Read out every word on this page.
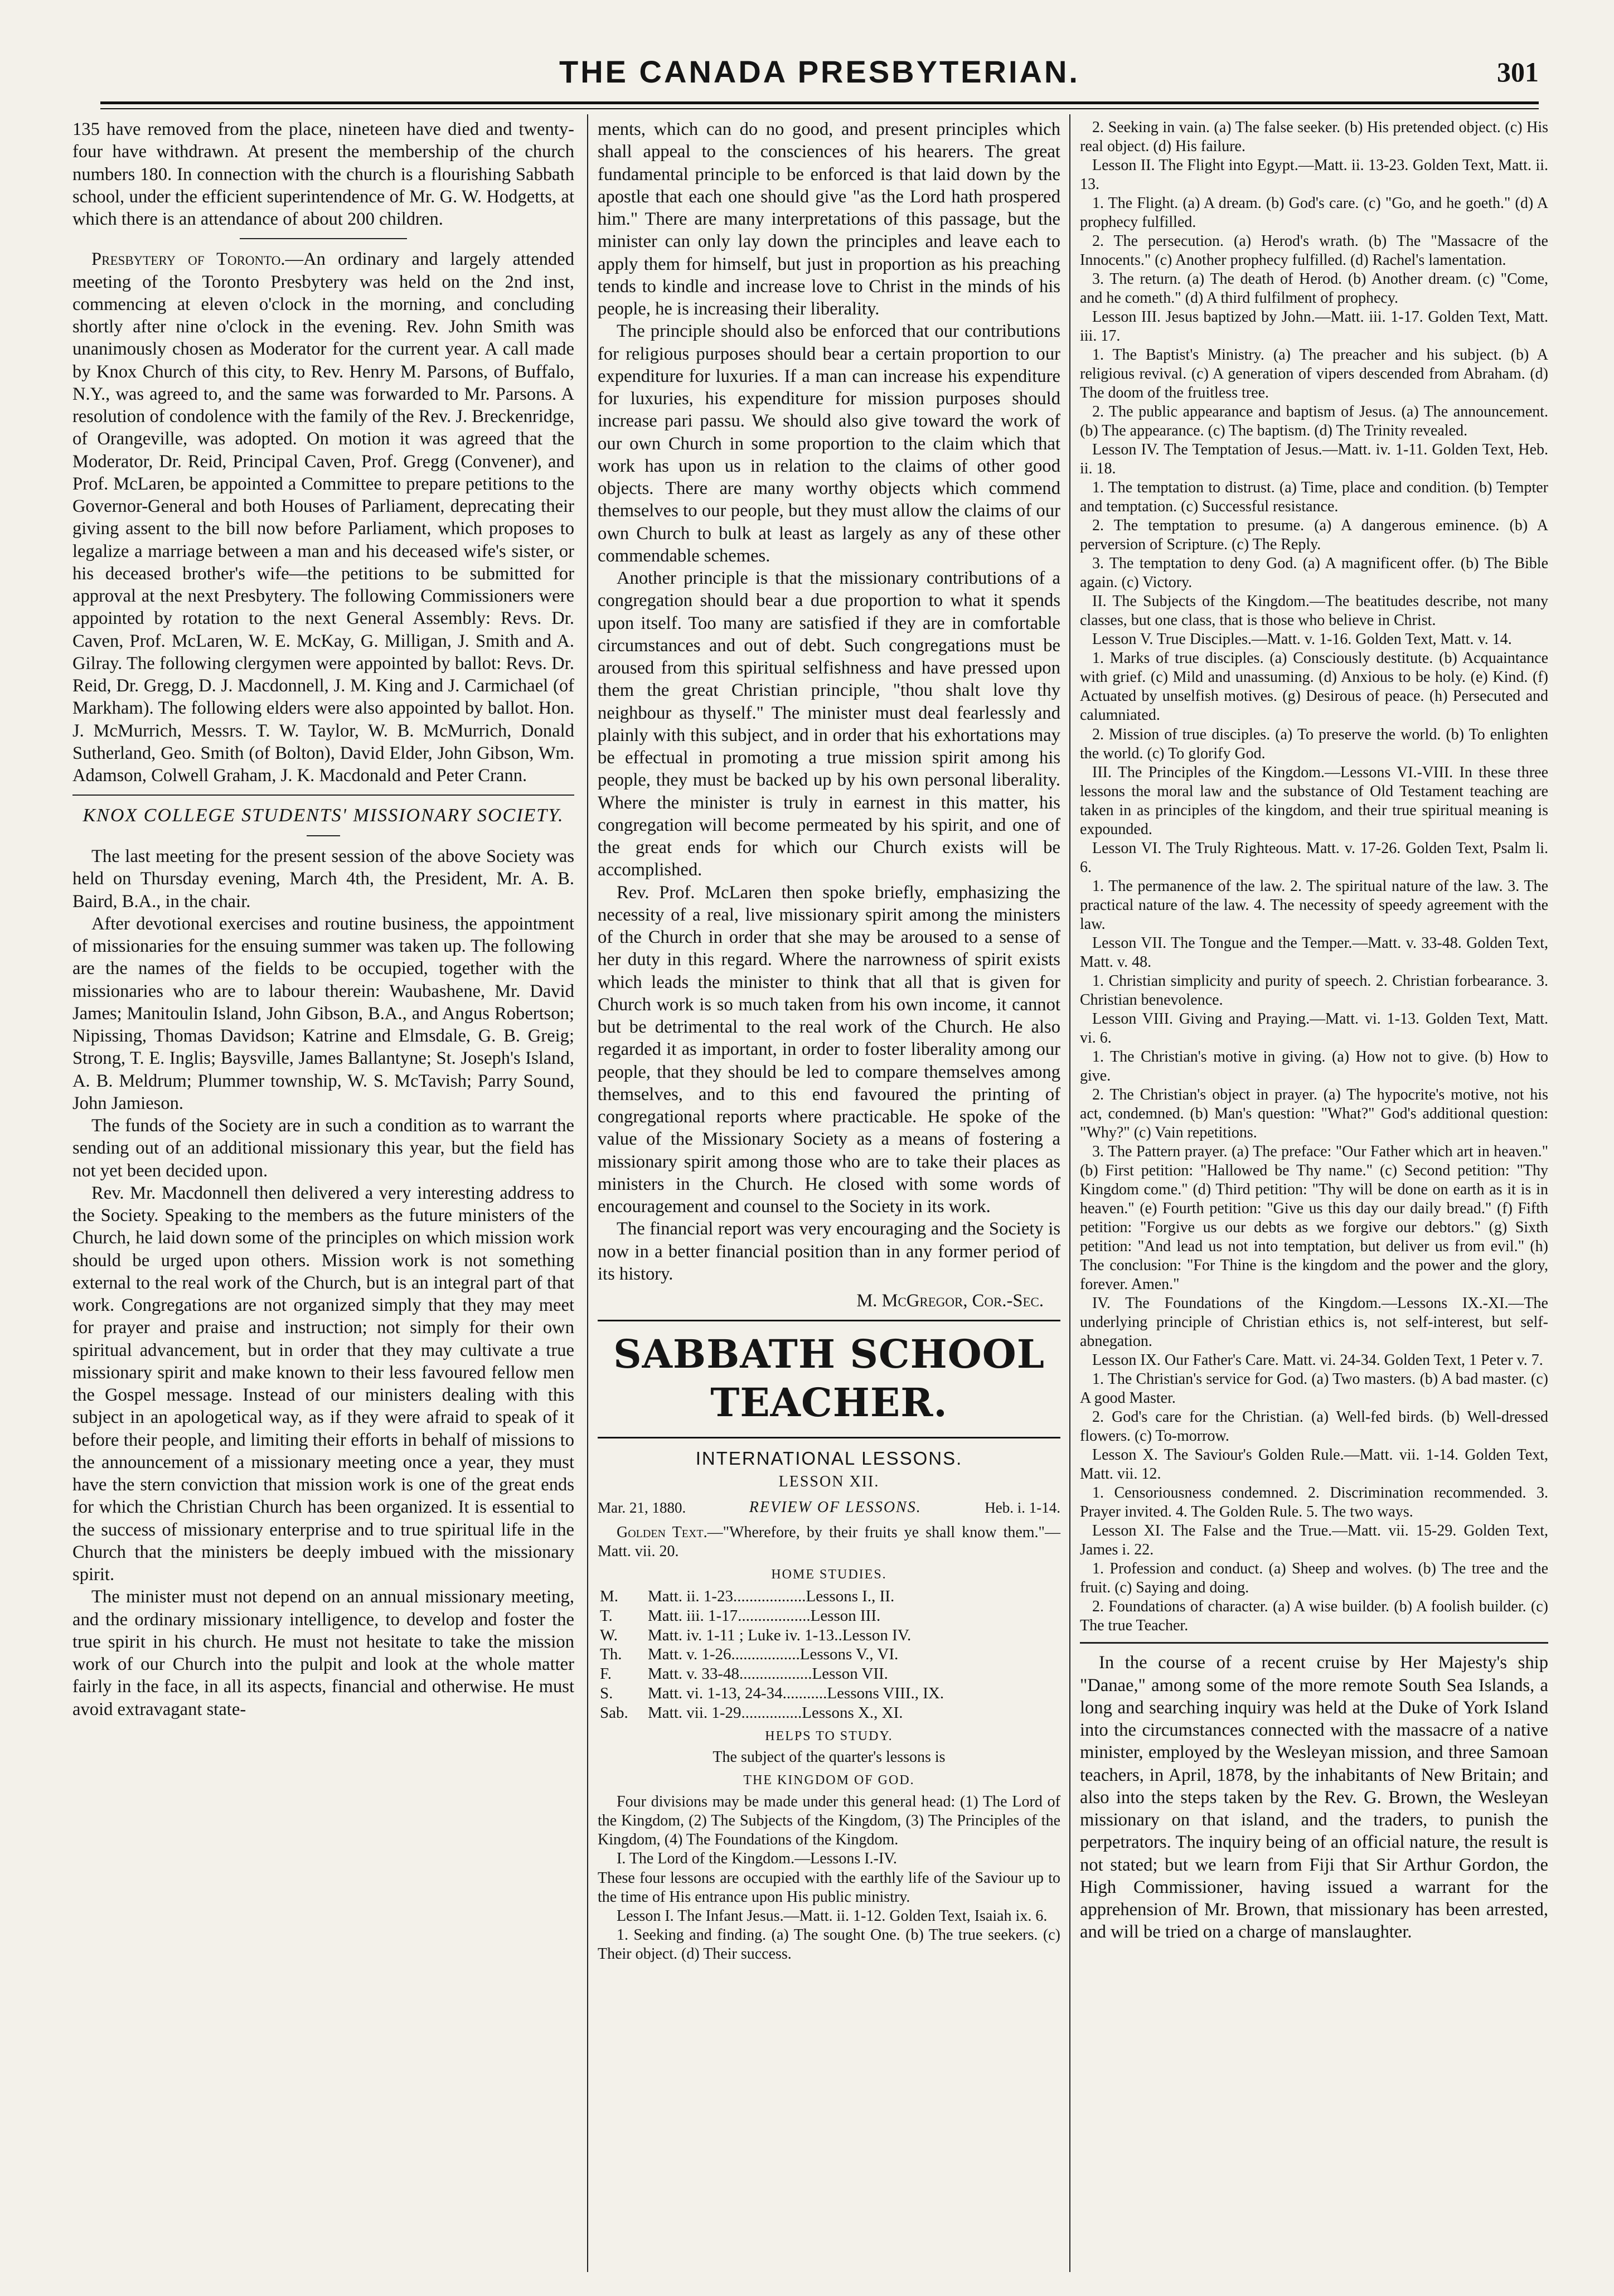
THE CANADA PRESBYTERIAN.	301

135 have removed from the place, nineteen have died and twenty-four have withdrawn. At present the membership of the church numbers 180. In connection with the church is a flourishing Sabbath school, under the efficient superintendence of Mr. G. W. Hodgetts, at which there is an attendance of about 200 children.

Presbytery of Toronto.—An ordinary and largely attended meeting of the Toronto Presbytery was held on the 2nd inst, commencing at eleven o'clock in the morning, and concluding shortly after nine o'clock in the evening. Rev. John Smith was unanimously chosen as Moderator for the current year. A call made by Knox Church of this city, to Rev. Henry M. Parsons, of Buffalo, N.Y., was agreed to, and the same was forwarded to Mr. Parsons. A resolution of condolence with the family of the Rev. J. Breckenridge, of Orangeville, was adopted. On motion it was agreed that the Moderator, Dr. Reid, Principal Caven, Prof. Gregg (Convener), and Prof. McLaren, be appointed a Committee to prepare petitions to the Governor-General and both Houses of Parliament, deprecating their giving assent to the bill now before Parliament, which proposes to legalize a marriage between a man and his deceased wife's sister, or his deceased brother's wife—the petitions to be submitted for approval at the next Presbytery. The following Commissioners were appointed by rotation to the next General Assembly: Revs. Dr. Caven, Prof. McLaren, W. E. McKay, G. Milligan, J. Smith and A. Gilray. The following clergymen were appointed by ballot: Revs. Dr. Reid, Dr. Gregg, D. J. Macdonnell, J. M. King and J. Carmichael (of Markham). The following elders were also appointed by ballot. Hon. J. McMurrich, Messrs. T. W. Taylor, W. B. McMurrich, Donald Sutherland, Geo. Smith (of Bolton), David Elder, John Gibson, Wm. Adamson, Colwell Graham, J. K. Macdonald and Peter Crann.

KNOX COLLEGE STUDENTS' MISSIONARY SOCIETY.

The last meeting for the present session of the above Society was held on Thursday evening, March 4th, the President, Mr. A. B. Baird, B.A., in the chair.

After devotional exercises and routine business, the appointment of missionaries for the ensuing summer was taken up. The following are the names of the fields to be occupied, together with the missionaries who are to labour therein: Waubashene, Mr. David James; Manitoulin Island, John Gibson, B.A., and Angus Robertson; Nipissing, Thomas Davidson; Katrine and Elmsdale, G. B. Greig; Strong, T. E. Inglis; Baysville, James Ballantyne; St. Joseph's Island, A. B. Meldrum; Plummer township, W. S. McTavish; Parry Sound, John Jamieson.

The funds of the Society are in such a condition as to warrant the sending out of an additional missionary this year, but the field has not yet been decided upon.

Rev. Mr. Macdonnell then delivered a very interesting address to the Society. Speaking to the members as the future ministers of the Church, he laid down some of the principles on which mission work should be urged upon others. Mission work is not something external to the real work of the Church, but is an integral part of that work. Congregations are not organized simply that they may meet for prayer and praise and instruction; not simply for their own spiritual advancement, but in order that they may cultivate a true missionary spirit and make known to their less favoured fellow men the Gospel message. Instead of our ministers dealing with this subject in an apologetical way, as if they were afraid to speak of it before their people, and limiting their efforts in behalf of missions to the announcement of a missionary meeting once a year, they must have the stern conviction that mission work is one of the great ends for which the Christian Church has been organized. It is essential to the success of missionary enterprise and to true spiritual life in the Church that the ministers be deeply imbued with the missionary spirit.

The minister must not depend on an annual missionary meeting, and the ordinary missionary intelligence, to develop and foster the true spirit in his church. He must not hesitate to take the mission work of our Church into the pulpit and look at the whole matter fairly in the face, in all its aspects, financial and otherwise. He must avoid extravagant state-

ments, which can do no good, and present principles which shall appeal to the consciences of his hearers. The great fundamental principle to be enforced is that laid down by the apostle that each one should give "as the Lord hath prospered him." There are many interpretations of this passage, but the minister can only lay down the principles and leave each to apply them for himself, but just in proportion as his preaching tends to kindle and increase love to Christ in the minds of his people, he is increasing their liberality.

The principle should also be enforced that our contributions for religious purposes should bear a certain proportion to our expenditure for luxuries. If a man can increase his expenditure for luxuries, his expenditure for mission purposes should increase pari passu. We should also give toward the work of our own Church in some proportion to the claim which that work has upon us in relation to the claims of other good objects. There are many worthy objects which commend themselves to our people, but they must allow the claims of our own Church to bulk at least as largely as any of these other commendable schemes.

Another principle is that the missionary contributions of a congregation should bear a due proportion to what it spends upon itself. Too many are satisfied if they are in comfortable circumstances and out of debt. Such congregations must be aroused from this spiritual selfishness and have pressed upon them the great Christian principle, "thou shalt love thy neighbour as thyself." The minister must deal fearlessly and plainly with this subject, and in order that his exhortations may be effectual in promoting a true mission spirit among his people, they must be backed up by his own personal liberality. Where the minister is truly in earnest in this matter, his congregation will become permeated by his spirit, and one of the great ends for which our Church exists will be accomplished.

Rev. Prof. McLaren then spoke briefly, emphasizing the necessity of a real, live missionary spirit among the ministers of the Church in order that she may be aroused to a sense of her duty in this regard. Where the narrowness of spirit exists which leads the minister to think that all that is given for Church work is so much taken from his own income, it cannot but be detrimental to the real work of the Church. He also regarded it as important, in order to foster liberality among our people, that they should be led to compare themselves among themselves, and to this end favoured the printing of congregational reports where practicable. He spoke of the value of the Missionary Society as a means of fostering a missionary spirit among those who are to take their places as ministers in the Church. He closed with some words of encouragement and counsel to the Society in its work.

The financial report was very encouraging and the Society is now in a better financial position than in any former period of its history.

M. McGregor, Cor.-Sec.
SABBATH SCHOOL TEACHER.
INTERNATIONAL LESSONS.
LESSON XII.
Mar. 21, 1880.	REVIEW OF LESSONS.	Heb. i. 1-14.

Golden Text.—"Wherefore, by their fruits ye shall know them."—Matt. vii. 20.

HOME STUDIES.
M.	Matt. ii. 1-23..................Lessons I., II.
T.	Matt. iii. 1-17..................Lesson III.
W.	Matt. iv. 1-11 ; Luke iv. 1-13..Lesson IV.
Th.	Matt. v. 1-26.................Lessons V., VI.
F.	Matt. v. 33-48..................Lesson VII.
S.	Matt. vi. 1-13, 24-34...........Lessons VIII., IX.
Sab.	Matt. vii. 1-29...............Lessons X., XI.
HELPS TO STUDY.
The subject of the quarter's lessons is
THE KINGDOM OF GOD.

Four divisions may be made under this general head: (1) The Lord of the Kingdom, (2) The Subjects of the Kingdom, (3) The Principles of the Kingdom, (4) The Foundations of the Kingdom.

I. The Lord of the Kingdom.—Lessons I.-IV.

These four lessons are occupied with the earthly life of the Saviour up to the time of His entrance upon His public ministry.

Lesson I. The Infant Jesus.—Matt. ii. 1-12. Golden Text, Isaiah ix. 6.

1. Seeking and finding. (a) The sought One. (b) The true seekers. (c) Their object. (d) Their success.

2. Seeking in vain. (a) The false seeker. (b) His pretended object. (c) His real object. (d) His failure.

Lesson II. The Flight into Egypt.—Matt. ii. 13-23. Golden Text, Matt. ii. 13.

1. The Flight. (a) A dream. (b) God's care. (c) "Go, and he goeth." (d) A prophecy fulfilled.

2. The persecution. (a) Herod's wrath. (b) The "Massacre of the Innocents." (c) Another prophecy fulfilled. (d) Rachel's lamentation.

3. The return. (a) The death of Herod. (b) Another dream. (c) "Come, and he cometh." (d) A third fulfilment of prophecy.

Lesson III. Jesus baptized by John.—Matt. iii. 1-17. Golden Text, Matt. iii. 17.

1. The Baptist's Ministry. (a) The preacher and his subject. (b) A religious revival. (c) A generation of vipers descended from Abraham. (d) The doom of the fruitless tree.

2. The public appearance and baptism of Jesus. (a) The announcement. (b) The appearance. (c) The baptism. (d) The Trinity revealed.

Lesson IV. The Temptation of Jesus.—Matt. iv. 1-11. Golden Text, Heb. ii. 18.

1. The temptation to distrust. (a) Time, place and condition. (b) Tempter and temptation. (c) Successful resistance.

2. The temptation to presume. (a) A dangerous eminence. (b) A perversion of Scripture. (c) The Reply.

3. The temptation to deny God. (a) A magnificent offer. (b) The Bible again. (c) Victory.

II. The Subjects of the Kingdom.—The beatitudes describe, not many classes, but one class, that is those who believe in Christ.

Lesson V. True Disciples.—Matt. v. 1-16. Golden Text, Matt. v. 14.

1. Marks of true disciples. (a) Consciously destitute. (b) Acquaintance with grief. (c) Mild and unassuming. (d) Anxious to be holy. (e) Kind. (f) Actuated by unselfish motives. (g) Desirous of peace. (h) Persecuted and calumniated.

2. Mission of true disciples. (a) To preserve the world. (b) To enlighten the world. (c) To glorify God.

III. The Principles of the Kingdom.—Lessons VI.-VIII. In these three lessons the moral law and the substance of Old Testament teaching are taken in as principles of the kingdom, and their true spiritual meaning is expounded.

Lesson VI. The Truly Righteous. Matt. v. 17-26. Golden Text, Psalm li. 6.

1. The permanence of the law. 2. The spiritual nature of the law. 3. The practical nature of the law. 4. The necessity of speedy agreement with the law.

Lesson VII. The Tongue and the Temper.—Matt. v. 33-48. Golden Text, Matt. v. 48.

1. Christian simplicity and purity of speech. 2. Christian forbearance. 3. Christian benevolence.

Lesson VIII. Giving and Praying.—Matt. vi. 1-13. Golden Text, Matt. vi. 6.

1. The Christian's motive in giving. (a) How not to give. (b) How to give.

2. The Christian's object in prayer. (a) The hypocrite's motive, not his act, condemned. (b) Man's question: "What?" God's additional question: "Why?" (c) Vain repetitions.

3. The Pattern prayer. (a) The preface: "Our Father which art in heaven." (b) First petition: "Hallowed be Thy name." (c) Second petition: "Thy Kingdom come." (d) Third petition: "Thy will be done on earth as it is in heaven." (e) Fourth petition: "Give us this day our daily bread." (f) Fifth petition: "Forgive us our debts as we forgive our debtors." (g) Sixth petition: "And lead us not into temptation, but deliver us from evil." (h) The conclusion: "For Thine is the kingdom and the power and the glory, forever. Amen."

IV. The Foundations of the Kingdom.—Lessons IX.-XI.—The underlying principle of Christian ethics is, not self-interest, but self-abnegation.

Lesson IX. Our Father's Care. Matt. vi. 24-34. Golden Text, 1 Peter v. 7.

1. The Christian's service for God. (a) Two masters. (b) A bad master. (c) A good Master.

2. God's care for the Christian. (a) Well-fed birds. (b) Well-dressed flowers. (c) To-morrow.

Lesson X. The Saviour's Golden Rule.—Matt. vii. 1-14. Golden Text, Matt. vii. 12.

1. Censoriousness condemned. 2. Discrimination recommended. 3. Prayer invited. 4. The Golden Rule. 5. The two ways.

Lesson XI. The False and the True.—Matt. vii. 15-29. Golden Text, James i. 22.

1. Profession and conduct. (a) Sheep and wolves. (b) The tree and the fruit. (c) Saying and doing.

2. Foundations of character. (a) A wise builder. (b) A foolish builder. (c) The true Teacher.

In the course of a recent cruise by Her Majesty's ship "Danae," among some of the more remote South Sea Islands, a long and searching inquiry was held at the Duke of York Island into the circumstances connected with the massacre of a native minister, employed by the Wesleyan mission, and three Samoan teachers, in April, 1878, by the inhabitants of New Britain; and also into the steps taken by the Rev. G. Brown, the Wesleyan missionary on that island, and the traders, to punish the perpetrators. The inquiry being of an official nature, the result is not stated; but we learn from Fiji that Sir Arthur Gordon, the High Commissioner, having issued a warrant for the apprehension of Mr. Brown, that missionary has been arrested, and will be tried on a charge of manslaughter.
